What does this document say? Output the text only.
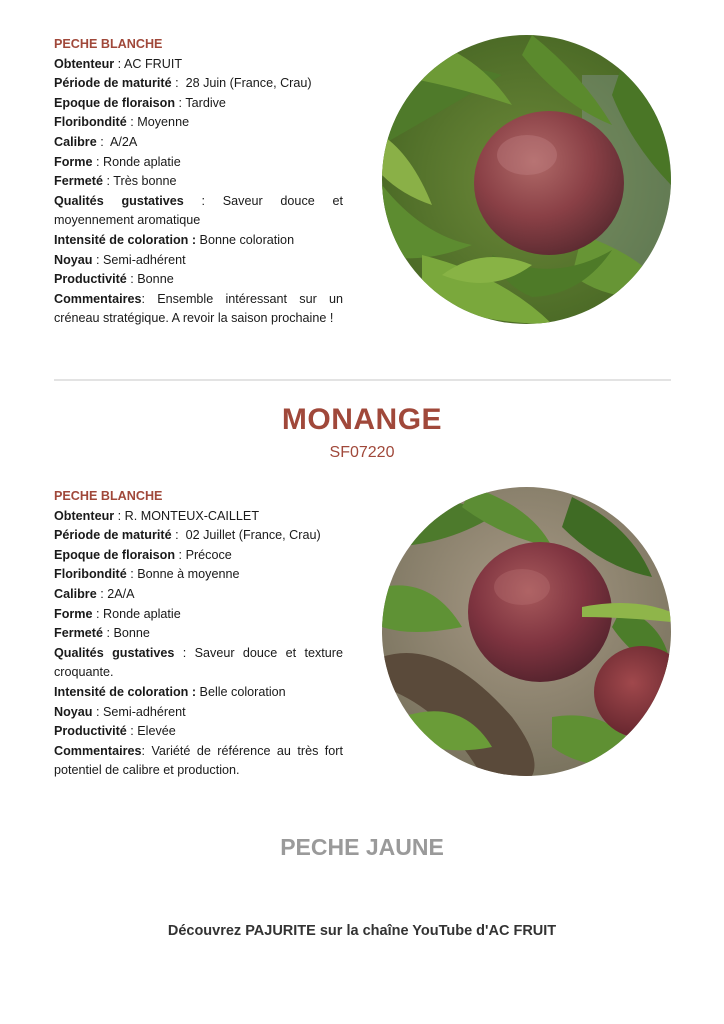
PECHE BLANCHE

Obtenteur : AC FRUIT

Période de maturité :  28 Juin (France, Crau)

Epoque de floraison : Tardive

Floribondité : Moyenne

Calibre :  A/2A

Forme : Ronde aplatie

Fermeté : Très bonne

Qualités gustatives : Saveur douce et moyennement aromatique

Intensité de coloration : Bonne coloration

Noyau : Semi-adhérent

Productivité : Bonne

Commentaires: Ensemble intéressant sur un créneau stratégique. A revoir la saison prochaine !

MONANGE
SF07220

PECHE BLANCHE

Obtenteur : R. MONTEUX-CAILLET

Période de maturité :  02 Juillet (France, Crau)

Epoque de floraison : Précoce

Floribondité : Bonne à moyenne

Calibre : 2A/A

Forme : Ronde aplatie

Fermeté : Bonne

Qualités gustatives : Saveur douce et texture croquante.

Intensité de coloration : Belle coloration

Noyau : Semi-adhérent

Productivité : Elevée

Commentaires: Variété de référence au très fort potentiel de calibre et production.

PECHE JAUNE
Découvrez PAJURITE sur la chaîne YouTube d'AC FRUIT
